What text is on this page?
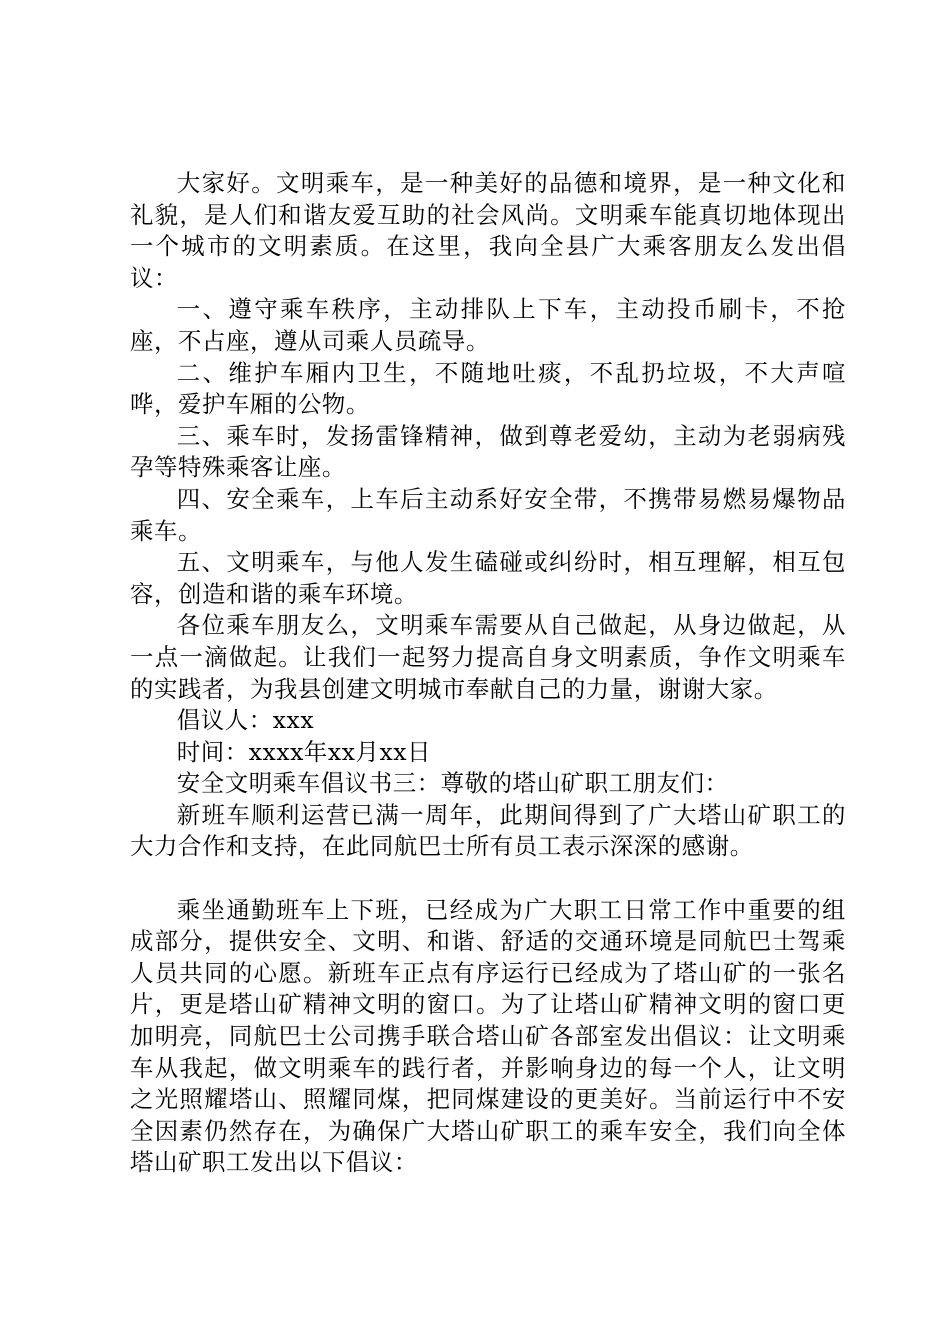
大家好。文明乘车，是一种美好的品德和境界，是一种文化和礼貌，是人们和谐友爱互助的社会风尚。文明乘车能真切地体现出一个城市的文明素质。在这里，我向全县广大乘客朋友么发出倡议：

一、遵守乘车秩序，主动排队上下车，主动投币刷卡，不抢座，不占座，遵从司乘人员疏导。

二、维护车厢内卫生，不随地吐痰，不乱扔垃圾，不大声喧哗，爱护车厢的公物。

三、乘车时，发扬雷锋精神，做到尊老爱幼，主动为老弱病残孕等特殊乘客让座。

四、安全乘车，上车后主动系好安全带，不携带易燃易爆物品乘车。

五、文明乘车，与他人发生磕碰或纠纷时，相互理解，相互包容，创造和谐的乘车环境。

各位乘车朋友么，文明乘车需要从自己做起，从身边做起，从一点一滴做起。让我们一起努力提高自身文明素质，争作文明乘车的实践者，为我县创建文明城市奉献自己的力量，谢谢大家。

倡议人：xxx

时间：xxxx年xx月xx日

安全文明乘车倡议书三：尊敬的塔山矿职工朋友们：

新班车顺利运营已满一周年，此期间得到了广大塔山矿职工的大力合作和支持，在此同航巴士所有员工表示深深的感谢。

乘坐通勤班车上下班，已经成为广大职工日常工作中重要的组成部分，提供安全、文明、和谐、舒适的交通环境是同航巴士驾乘人员共同的心愿。新班车正点有序运行已经成为了塔山矿的一张名片，更是塔山矿精神文明的窗口。为了让塔山矿精神文明的窗口更加明亮，同航巴士公司携手联合塔山矿各部室发出倡议：让文明乘车从我起，做文明乘车的践行者，并影响身边的每一个人，让文明之光照耀塔山、照耀同煤，把同煤建设的更美好。当前运行中不安全因素仍然存在，为确保广大塔山矿职工的乘车安全，我们向全体塔山矿职工发出以下倡议：
